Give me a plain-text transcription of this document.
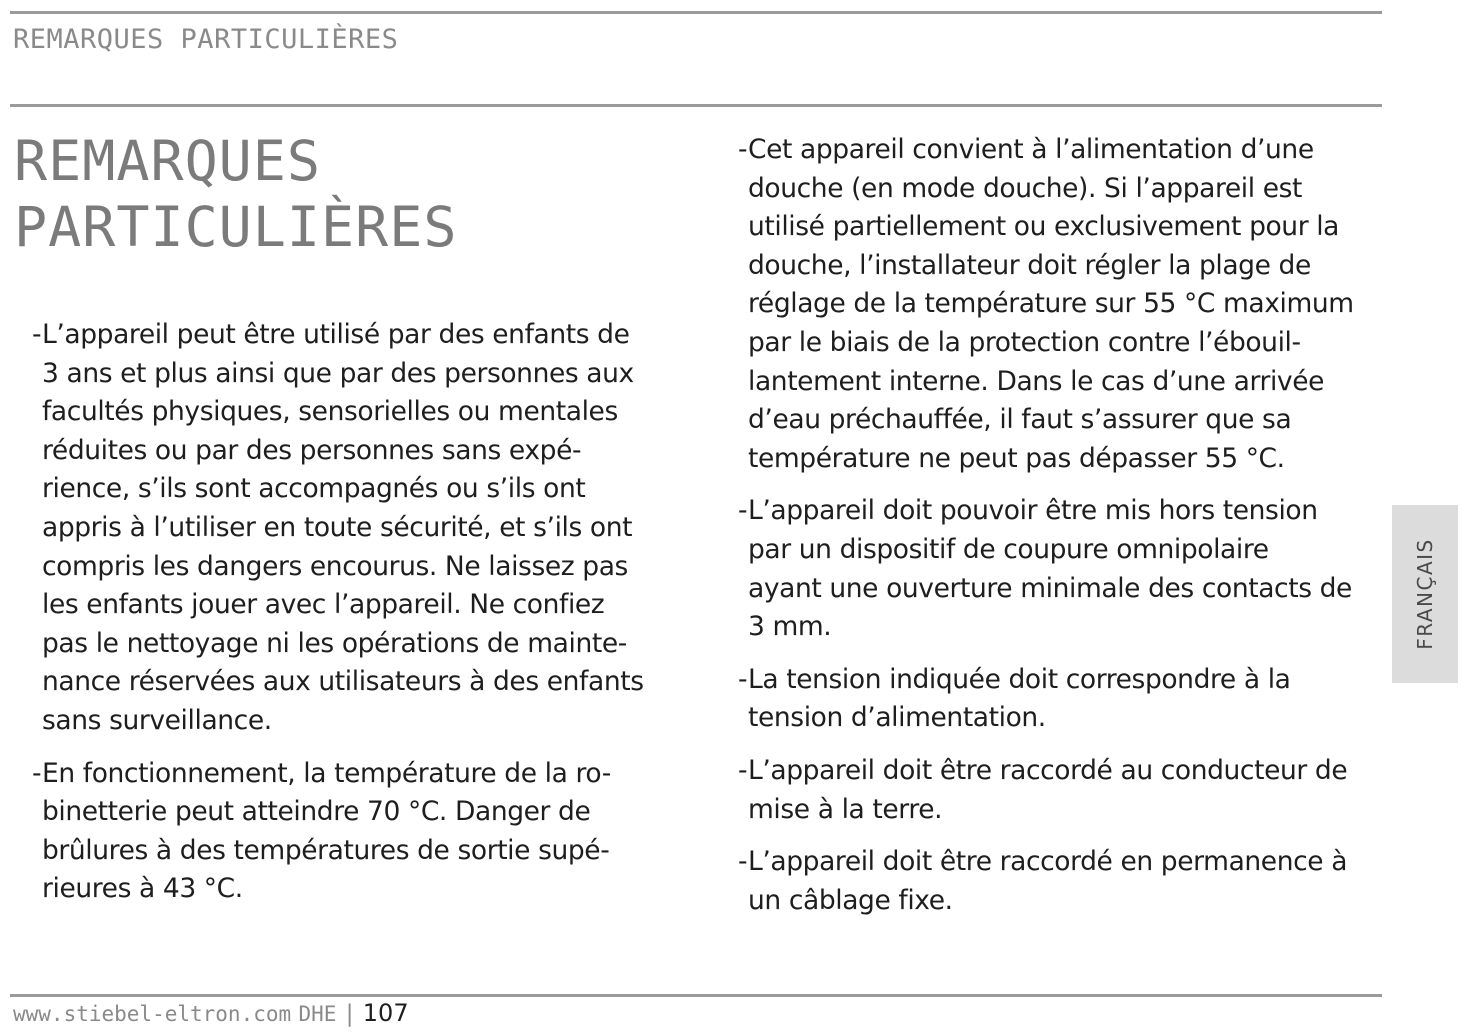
REMARQUES PARTICULIÈRES
REMARQUES
PARTICULIÈRES
- L’appareil peut être utilisé par des enfants de
3 ans et plus ainsi que par des personnes aux
facultés physiques, sensorielles ou mentales
réduites ou par des personnes sans expé-
rience, s’ils sont accompagnés ou s’ils ont
appris à l’utiliser en toute sécurité, et s’ils ont
compris les dangers encourus. Ne laissez pas
les enfants jouer avec l’appareil. Ne confiez
pas le nettoyage ni les opérations de mainte-
nance réservées aux utilisateurs à des enfants
sans surveillance.
- En fonctionnement, la température de la ro-
binetterie peut atteindre 70 °C. Danger de
brûlures à des températures de sortie supé-
rieures à 43 °C.
- Cet appareil convient à l’alimentation d’une
douche (en mode douche). Si l’appareil est
utilisé partiellement ou exclusivement pour la
douche, l’installateur doit régler la plage de
réglage de la température sur 55 °C maximum
par le biais de la protection contre l’ébouil-
lantement interne. Dans le cas d’une arrivée
d’eau préchauffée, il faut s’assurer que sa
température ne peut pas dépasser 55 °C.
- L’appareil doit pouvoir être mis hors tension
par un dispositif de coupure omnipolaire
ayant une ouverture minimale des contacts de
3 mm.
- La tension indiquée doit correspondre à la
tension d’alimentation.
- L’appareil doit être raccordé au conducteur de
mise à la terre.
- L’appareil doit être raccordé en permanence à
un câblage fixe.
FRANÇAIS
www.stiebel-eltron.com DHE | 107
